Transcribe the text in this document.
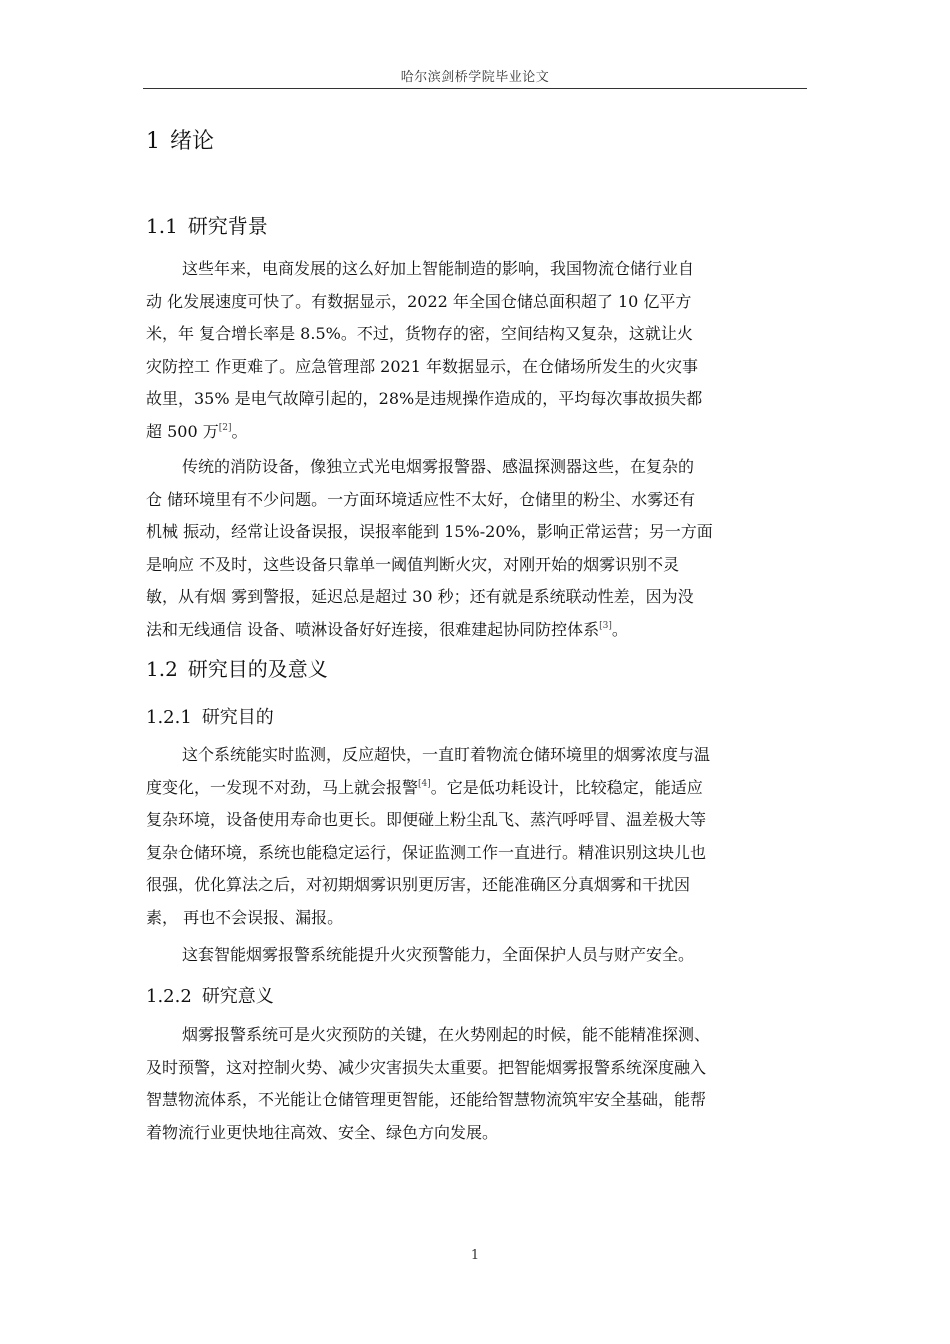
哈尔滨剑桥学院毕业论文
1 绪论
1.1 研究背景
这些年来，电商发展的这么好加上智能制造的影响，我国物流仓储行业自
动 化发展速度可快了。有数据显示，2022 年全国仓储总面积超了 10 亿平方
米，年 复合增长率是 8.5%。不过，货物存的密，空间结构又复杂，这就让火
灾防控工 作更难了。应急管理部 2021 年数据显示，在仓储场所发生的火灾事
故里，35% 是电气故障引起的，28%是违规操作造成的，平均每次事故损失都
超 500 万[2]。
传统的消防设备，像独立式光电烟雾报警器、感温探测器这些，在复杂的
仓 储环境里有不少问题。一方面环境适应性不太好，仓储里的粉尘、水雾还有
机械 振动，经常让设备误报，误报率能到 15%-20%，影响正常运营；另一方面
是响应 不及时，这些设备只靠单一阈值判断火灾，对刚开始的烟雾识别不灵
敏，从有烟 雾到警报，延迟总是超过 30 秒；还有就是系统联动性差，因为没
法和无线通信 设备、喷淋设备好好连接，很难建起协同防控体系[3]。
1.2 研究目的及意义
1.2.1 研究目的
这个系统能实时监测，反应超快，一直盯着物流仓储环境里的烟雾浓度与温
度变化，一发现不对劲，马上就会报警[4]。它是低功耗设计，比较稳定，能适应
复杂环境，设备使用寿命也更长。即便碰上粉尘乱飞、蒸汽呼呼冒、温差极大等
复杂仓储环境，系统也能稳定运行，保证监测工作一直进行。精准识别这块儿也
很强，优化算法之后，对初期烟雾识别更厉害，还能准确区分真烟雾和干扰因
素， 再也不会误报、漏报。
这套智能烟雾报警系统能提升火灾预警能力，全面保护人员与财产安全。
1.2.2 研究意义
烟雾报警系统可是火灾预防的关键，在火势刚起的时候，能不能精准探测、
及时预警，这对控制火势、减少灾害损失太重要。把智能烟雾报警系统深度融入
智慧物流体系，不光能让仓储管理更智能，还能给智慧物流筑牢安全基础，能帮
着物流行业更快地往高效、安全、绿色方向发展。
1
